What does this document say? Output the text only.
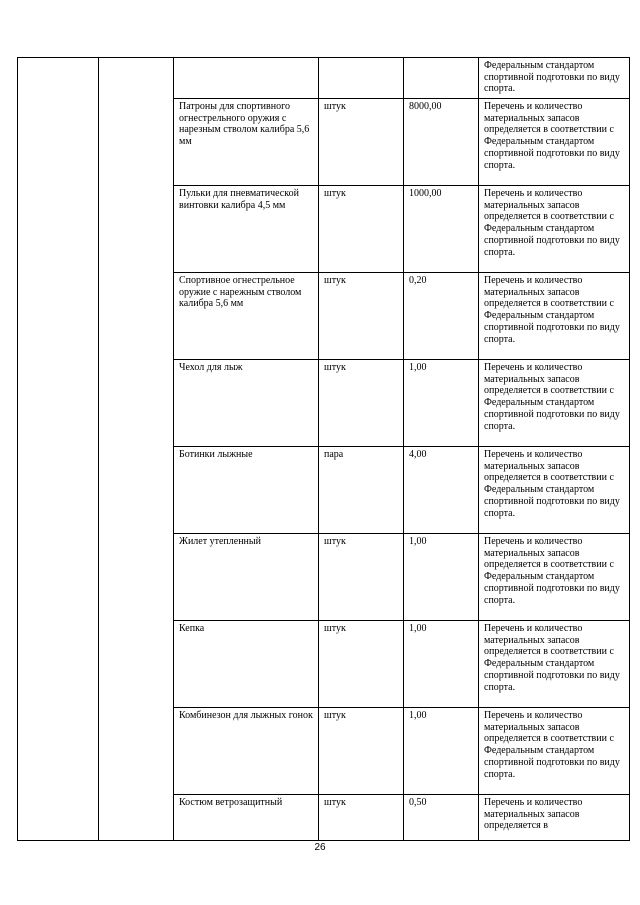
					Федеральным стандартом спортивной подготовки по виду спорта.
		Патроны для спортивного огнестрельного оружия с нарезным стволом калибра 5,6 мм	штук	8000,00	Перечень и количество материальных запасов определяется в соответствии с Федеральным стандартом спортивной подготовки по виду спорта.
		Пульки для пневматической винтовки калибра 4,5 мм	штук	1000,00	Перечень и количество материальных запасов определяется в соответствии с Федеральным стандартом спортивной подготовки по виду спорта.
		Спортивное огнестрельное оружие с нарежным стволом калибра 5,6 мм	штук	0,20	Перечень и количество материальных запасов определяется в соответствии с Федеральным стандартом спортивной подготовки по виду спорта.
		Чехол для лыж	штук	1,00	Перечень и количество материальных запасов определяется в соответствии с Федеральным стандартом спортивной подготовки по виду спорта.
		Ботинки лыжные	пара	4,00	Перечень и количество материальных запасов определяется в соответствии с Федеральным стандартом спортивной подготовки по виду спорта.
		Жилет утепленный	штук	1,00	Перечень и количество материальных запасов определяется в соответствии с Федеральным стандартом спортивной подготовки по виду спорта.
		Кепка	штук	1,00	Перечень и количество материальных запасов определяется в соответствии с Федеральным стандартом спортивной подготовки по виду спорта.
		Комбинезон для лыжных гонок	штук	1,00	Перечень и количество материальных запасов определяется в соответствии с Федеральным стандартом спортивной подготовки по виду спорта.
		Костюм ветрозащитный	штук	0,50	Перечень и количество материальных запасов определяется в
26
